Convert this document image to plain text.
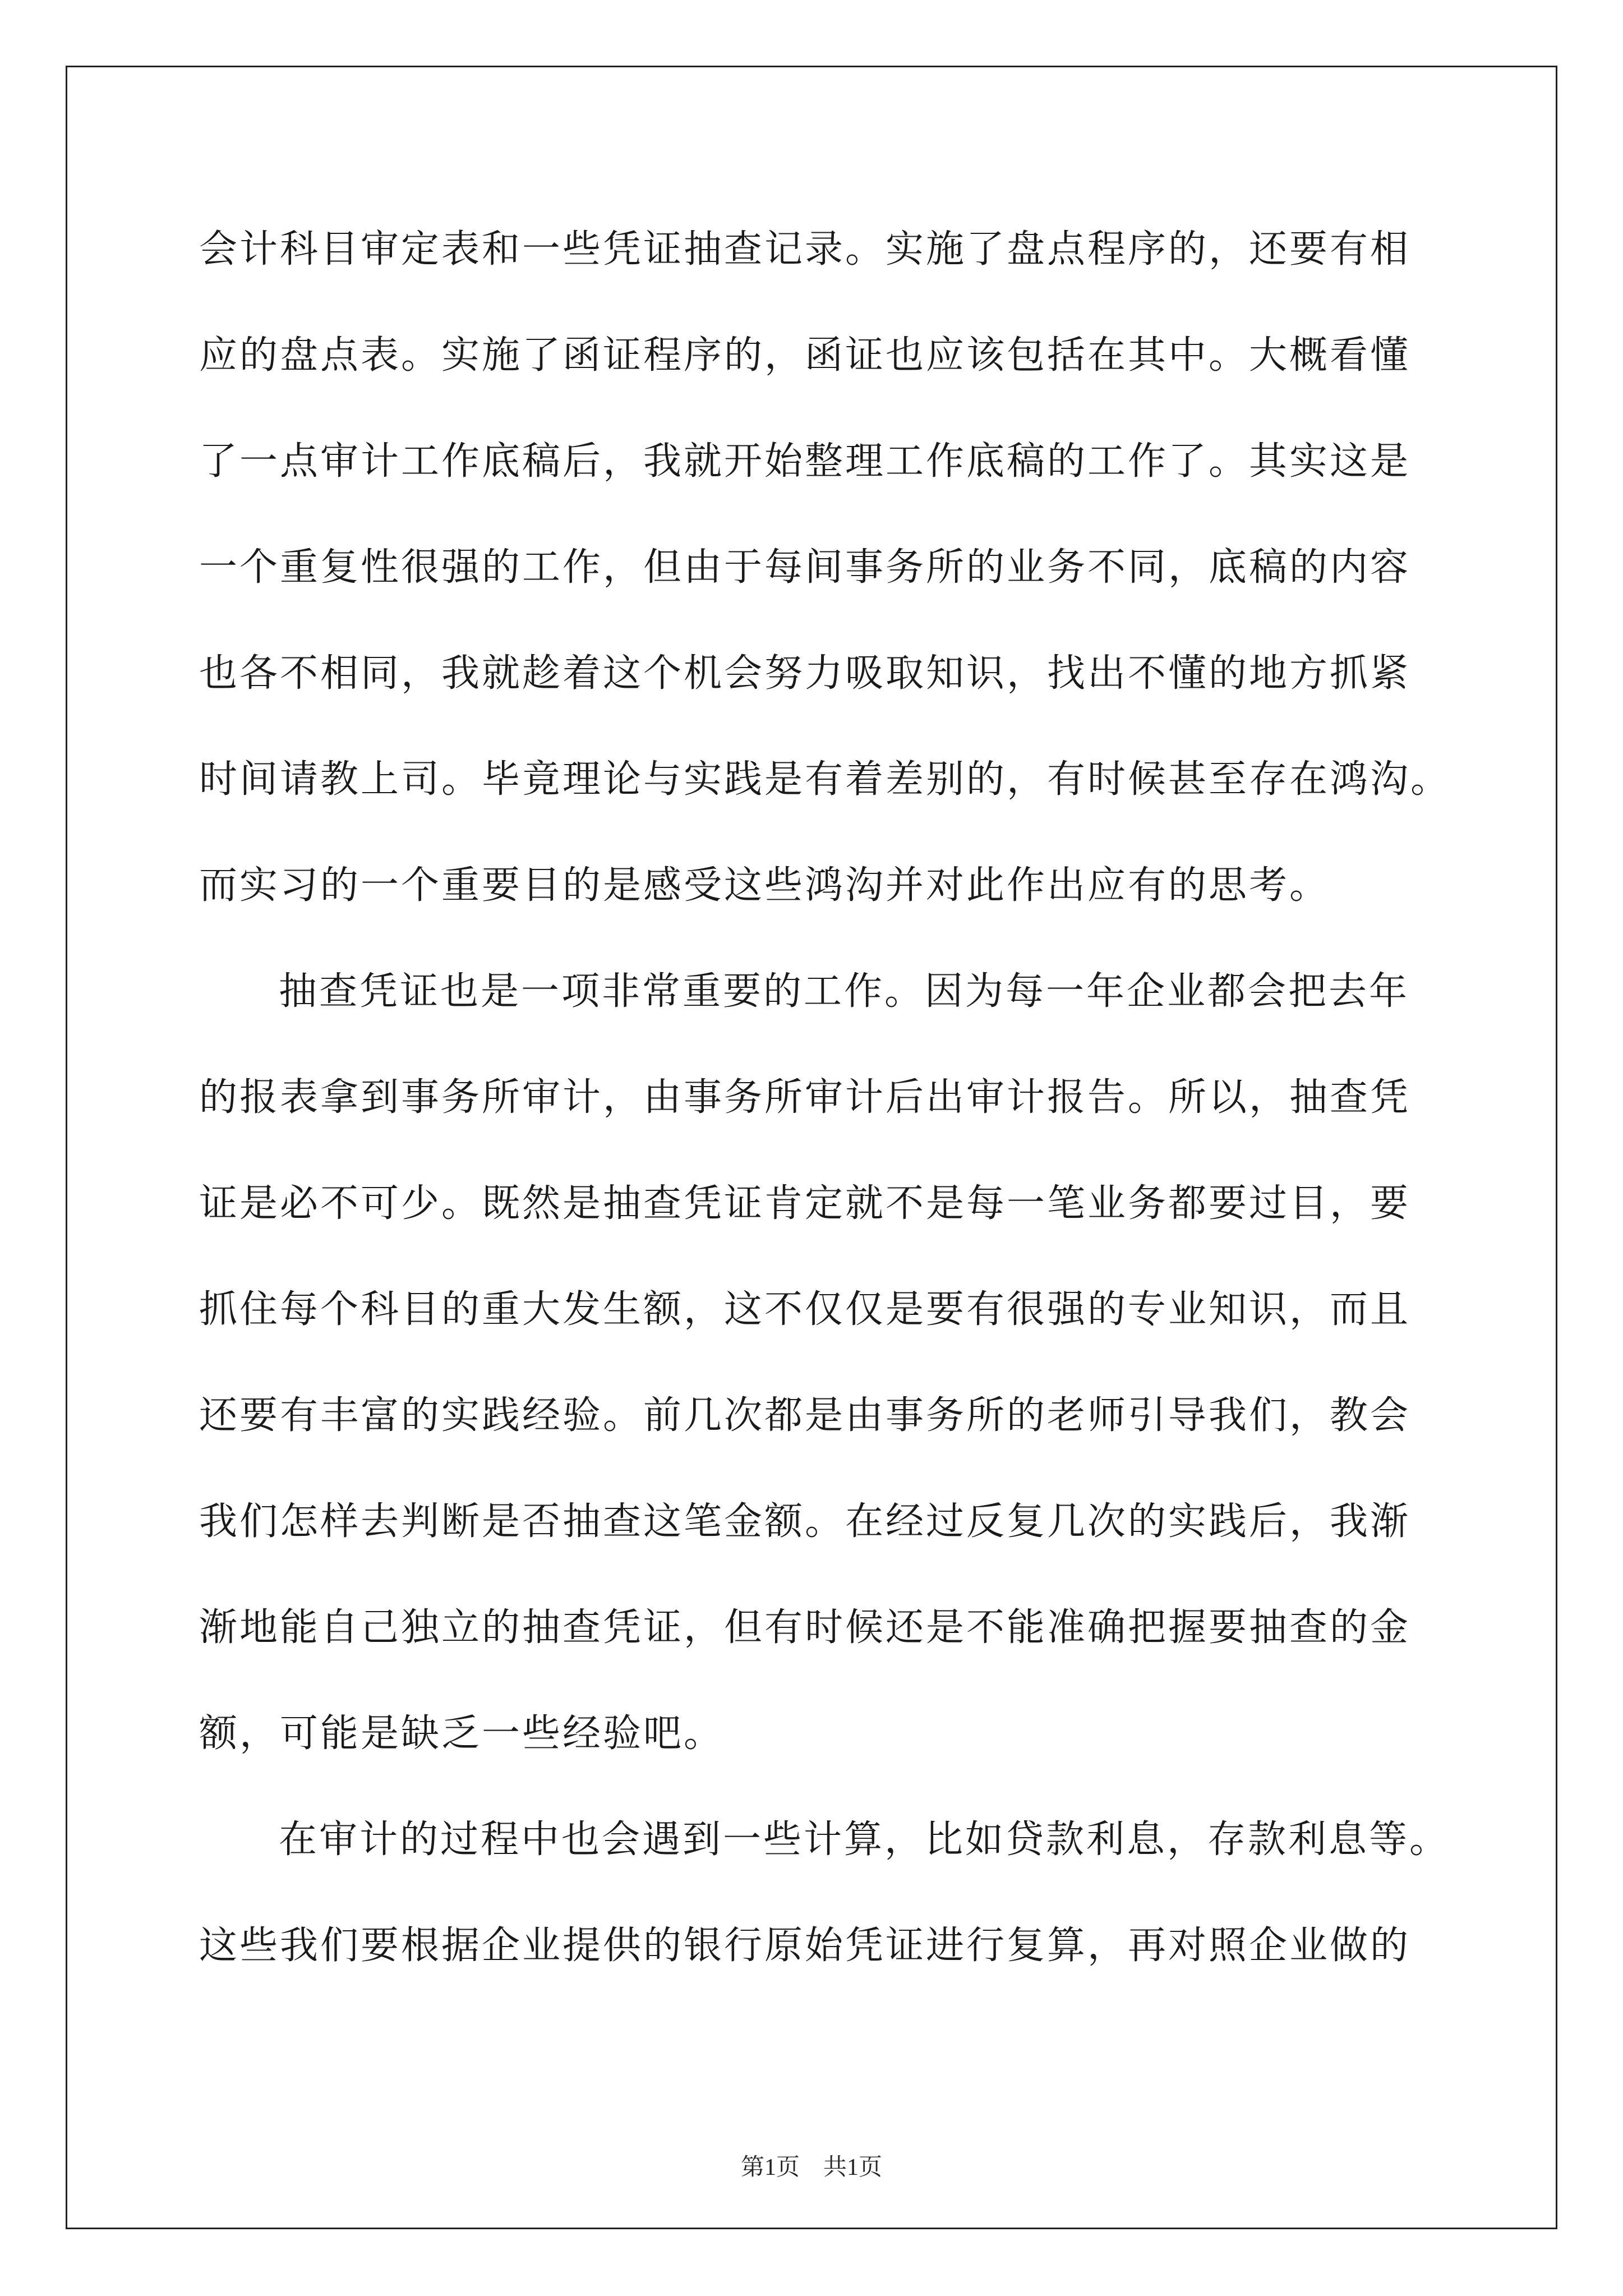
会计科目审定表和一些凭证抽查记录。实施了盘点程序的，还要有相
应的盘点表。实施了函证程序的，函证也应该包括在其中。大概看懂
了一点审计工作底稿后，我就开始整理工作底稿的工作了。其实这是
一个重复性很强的工作，但由于每间事务所的业务不同，底稿的内容
也各不相同，我就趁着这个机会努力吸取知识，找出不懂的地方抓紧
时间请教上司。毕竟理论与实践是有着差别的，有时候甚至存在鸿沟。
而实习的一个重要目的是感受这些鸿沟并对此作出应有的思考。
抽查凭证也是一项非常重要的工作。因为每一年企业都会把去年
的报表拿到事务所审计，由事务所审计后出审计报告。所以，抽查凭
证是必不可少。既然是抽查凭证肯定就不是每一笔业务都要过目，要
抓住每个科目的重大发生额，这不仅仅是要有很强的专业知识，而且
还要有丰富的实践经验。前几次都是由事务所的老师引导我们，教会
我们怎样去判断是否抽查这笔金额。在经过反复几次的实践后，我渐
渐地能自己独立的抽查凭证，但有时候还是不能准确把握要抽查的金
额，可能是缺乏一些经验吧。
在审计的过程中也会遇到一些计算，比如贷款利息，存款利息等。
这些我们要根据企业提供的银行原始凭证进行复算，再对照企业做的
第1页　共1页
